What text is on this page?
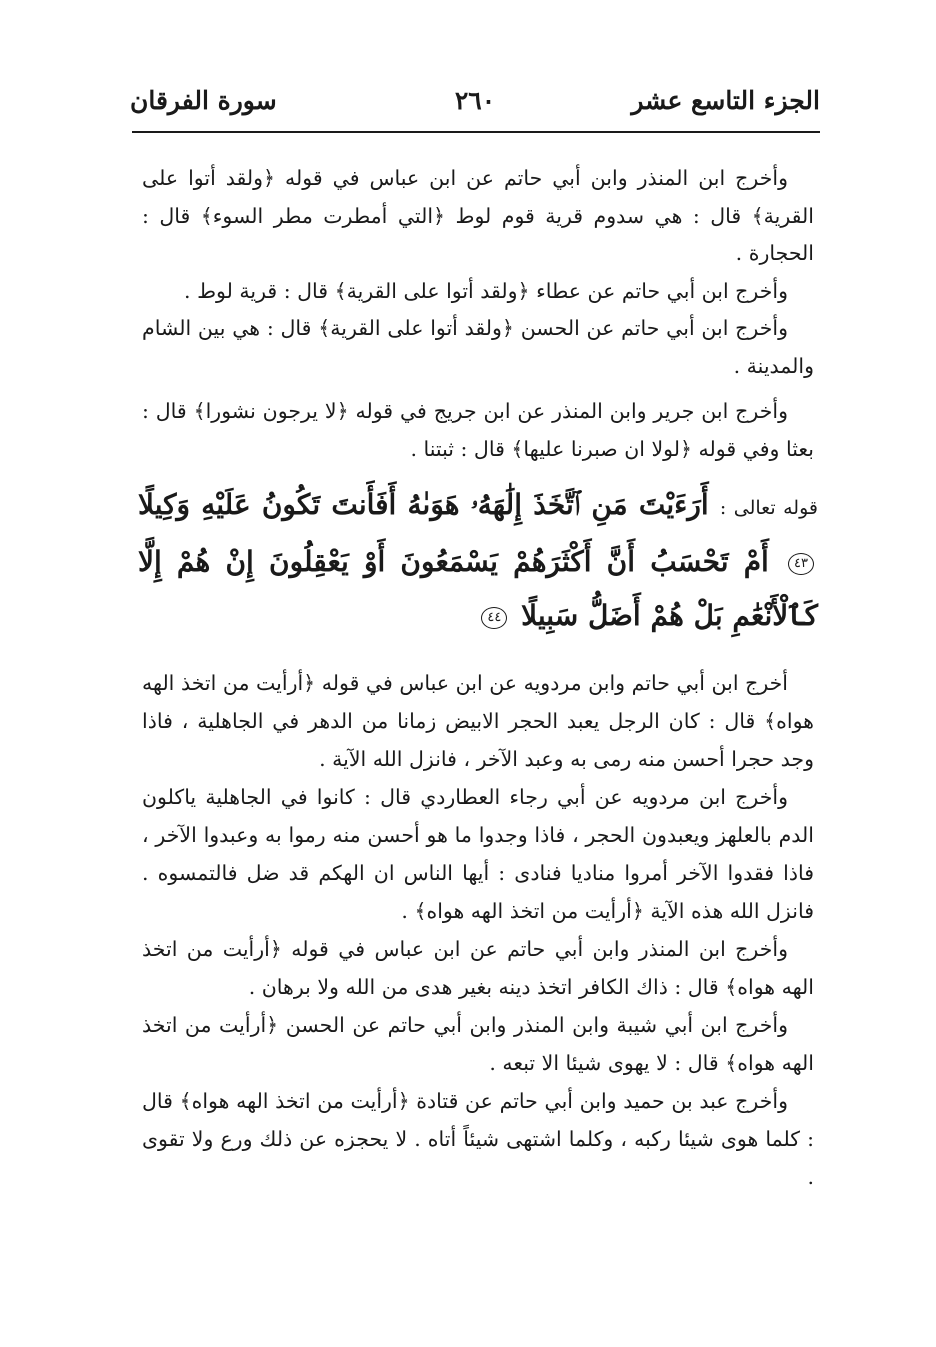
الجزء التاسع عشر
٢٦٠
سورة الفرقان

وأخرج ابن المنذر وابن أبي حاتم عن ابن عباس في قوله ﴿ولقد أتوا على القرية﴾ قال : هي سدوم قرية قوم لوط ﴿التي أمطرت مطر السوء﴾ قال : الحجارة .

وأخرج ابن أبي حاتم عن عطاء ﴿ولقد أتوا على القرية﴾ قال : قرية لوط .

وأخرج ابن أبي حاتم عن الحسن ﴿ولقد أتوا على القرية﴾ قال : هي بين الشام والمدينة .

وأخرج ابن جرير وابن المنذر عن ابن جريج في قوله ﴿لا يرجون نشورا﴾ قال : بعثا وفي قوله ﴿لولا ان صبرنا عليها﴾ قال : ثبتنا .

قوله تعالى : أَرَءَيْتَ مَنِ ٱتَّخَذَ إِلَٰهَهُۥ هَوَىٰهُ أَفَأَنتَ تَكُونُ عَلَيْهِ وَكِيلًا ٤٣ أَمْ تَحْسَبُ أَنَّ أَكْثَرَهُمْ يَسْمَعُونَ أَوْ يَعْقِلُونَ إِنْ هُمْ إِلَّا كَٱلْأَنْعَٰمِ بَلْ هُمْ أَضَلُّ سَبِيلًا ٤٤

أخرج ابن أبي حاتم وابن مردويه عن ابن عباس في قوله ﴿أرأيت من اتخذ الهه هواه﴾ قال : كان الرجل يعبد الحجر الابيض زمانا من الدهر في الجاهلية ، فاذا وجد حجرا أحسن منه رمى به وعبد الآخر ، فانزل الله الآية .

وأخرج ابن مردويه عن أبي رجاء العطاردي قال : كانوا في الجاهلية ياكلون الدم بالعلهز ويعبدون الحجر ، فاذا وجدوا ما هو أحسن منه رموا به وعبدوا الآخر ، فاذا فقدوا الآخر أمروا مناديا فنادى : أيها الناس ان الهكم قد ضل فالتمسوه . فانزل الله هذه الآية ﴿أرأيت من اتخذ الهه هواه﴾ .

وأخرج ابن المنذر وابن أبي حاتم عن ابن عباس في قوله ﴿أرأيت من اتخذ الهه هواه﴾ قال : ذاك الكافر اتخذ دينه بغير هدى من الله ولا برهان .

وأخرج ابن أبي شيبة وابن المنذر وابن أبي حاتم عن الحسن ﴿أرأيت من اتخذ الهه هواه﴾ قال : لا يهوى شيئا الا تبعه .

وأخرج عبد بن حميد وابن أبي حاتم عن قتادة ﴿أرأيت من اتخذ الهه هواه﴾ قال : كلما هوى شيئا ركبه ، وكلما اشتهى شيئاً أتاه . لا يحجزه عن ذلك ورع ولا تقوى .
